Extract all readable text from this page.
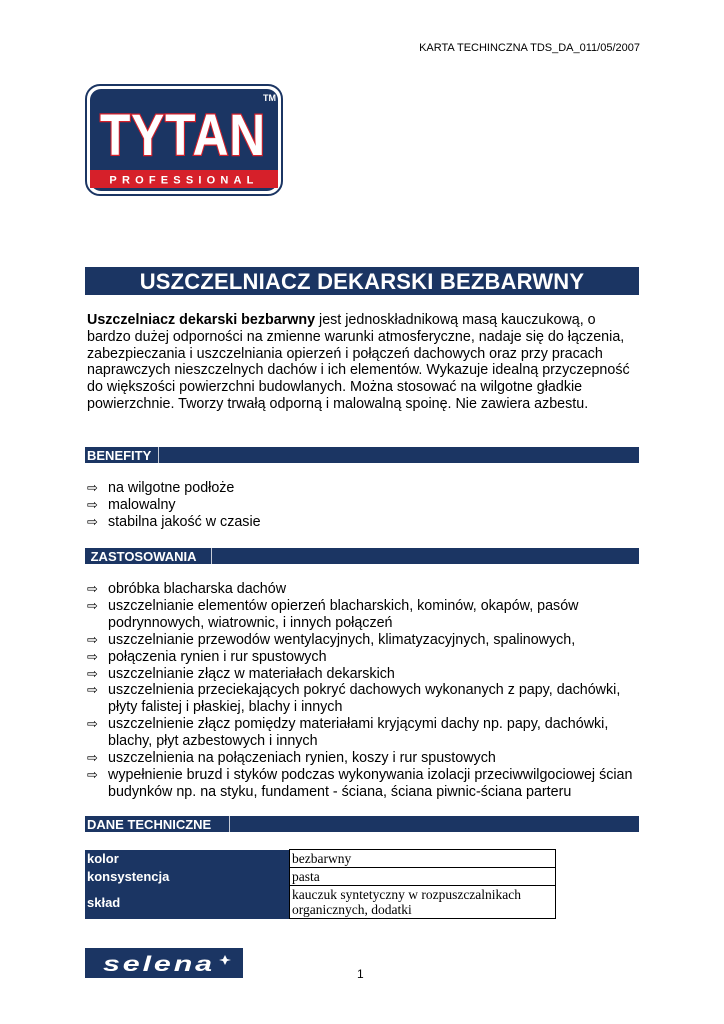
KARTA TECHINCZNA TDS_DA_011/05/2007
TYTAN
TM
PROFESSIONAL
USZCZELNIACZ DEKARSKI BEZBARWNY
Uszczelniacz dekarski bezbarwny jest jednoskładnikową masą kauczukową, o bardzo dużej odporności na zmienne warunki atmosferyczne, nadaje się do łączenia, zabezpieczania i uszczelniania opierzeń i połączeń dachowych oraz przy pracach naprawczych nieszczelnych dachów i ich elementów. Wykazuje idealną przyczepność do większości powierzchni budowlanych. Można stosować na wilgotne gładkie powierzchnie. Tworzy trwałą odporną i malowalną spoinę. Nie zawiera azbestu.
BENEFITY
⇨ na wilgotne podłoże
⇨ malowalny
⇨ stabilna jakość w czasie
ZASTOSOWANIA
⇨ obróbka blacharska dachów
⇨ uszczelnianie elementów opierzeń blacharskich, kominów, okapów, pasów podrynnowych, wiatrownic, i innych połączeń
⇨ uszczelnianie przewodów wentylacyjnych, klimatyzacyjnych, spalinowych,
⇨ połączenia rynien i rur spustowych
⇨ uszczelnianie złącz w materiałach dekarskich
⇨ uszczelnienia przeciekających pokryć dachowych wykonanych z papy, dachówki, płyty falistej i płaskiej, blachy i innych
⇨ uszczelnienie złącz pomiędzy materiałami kryjącymi dachy np. papy, dachówki, blachy, płyt azbestowych i innych
⇨ uszczelnienia na połączeniach rynien, koszy i rur spustowych
⇨ wypełnienie bruzd i styków podczas wykonywania izolacji przeciwwilgociowej ścian budynków np. na styku, fundament - ściana, ściana piwnic-ściana parteru
DANE TECHNICZNE
kolor	bezbarwny
konsystencja	pasta
skład	kauczuk syntetyczny w rozpuszczalnikach organicznych, dodatki
selena	1
